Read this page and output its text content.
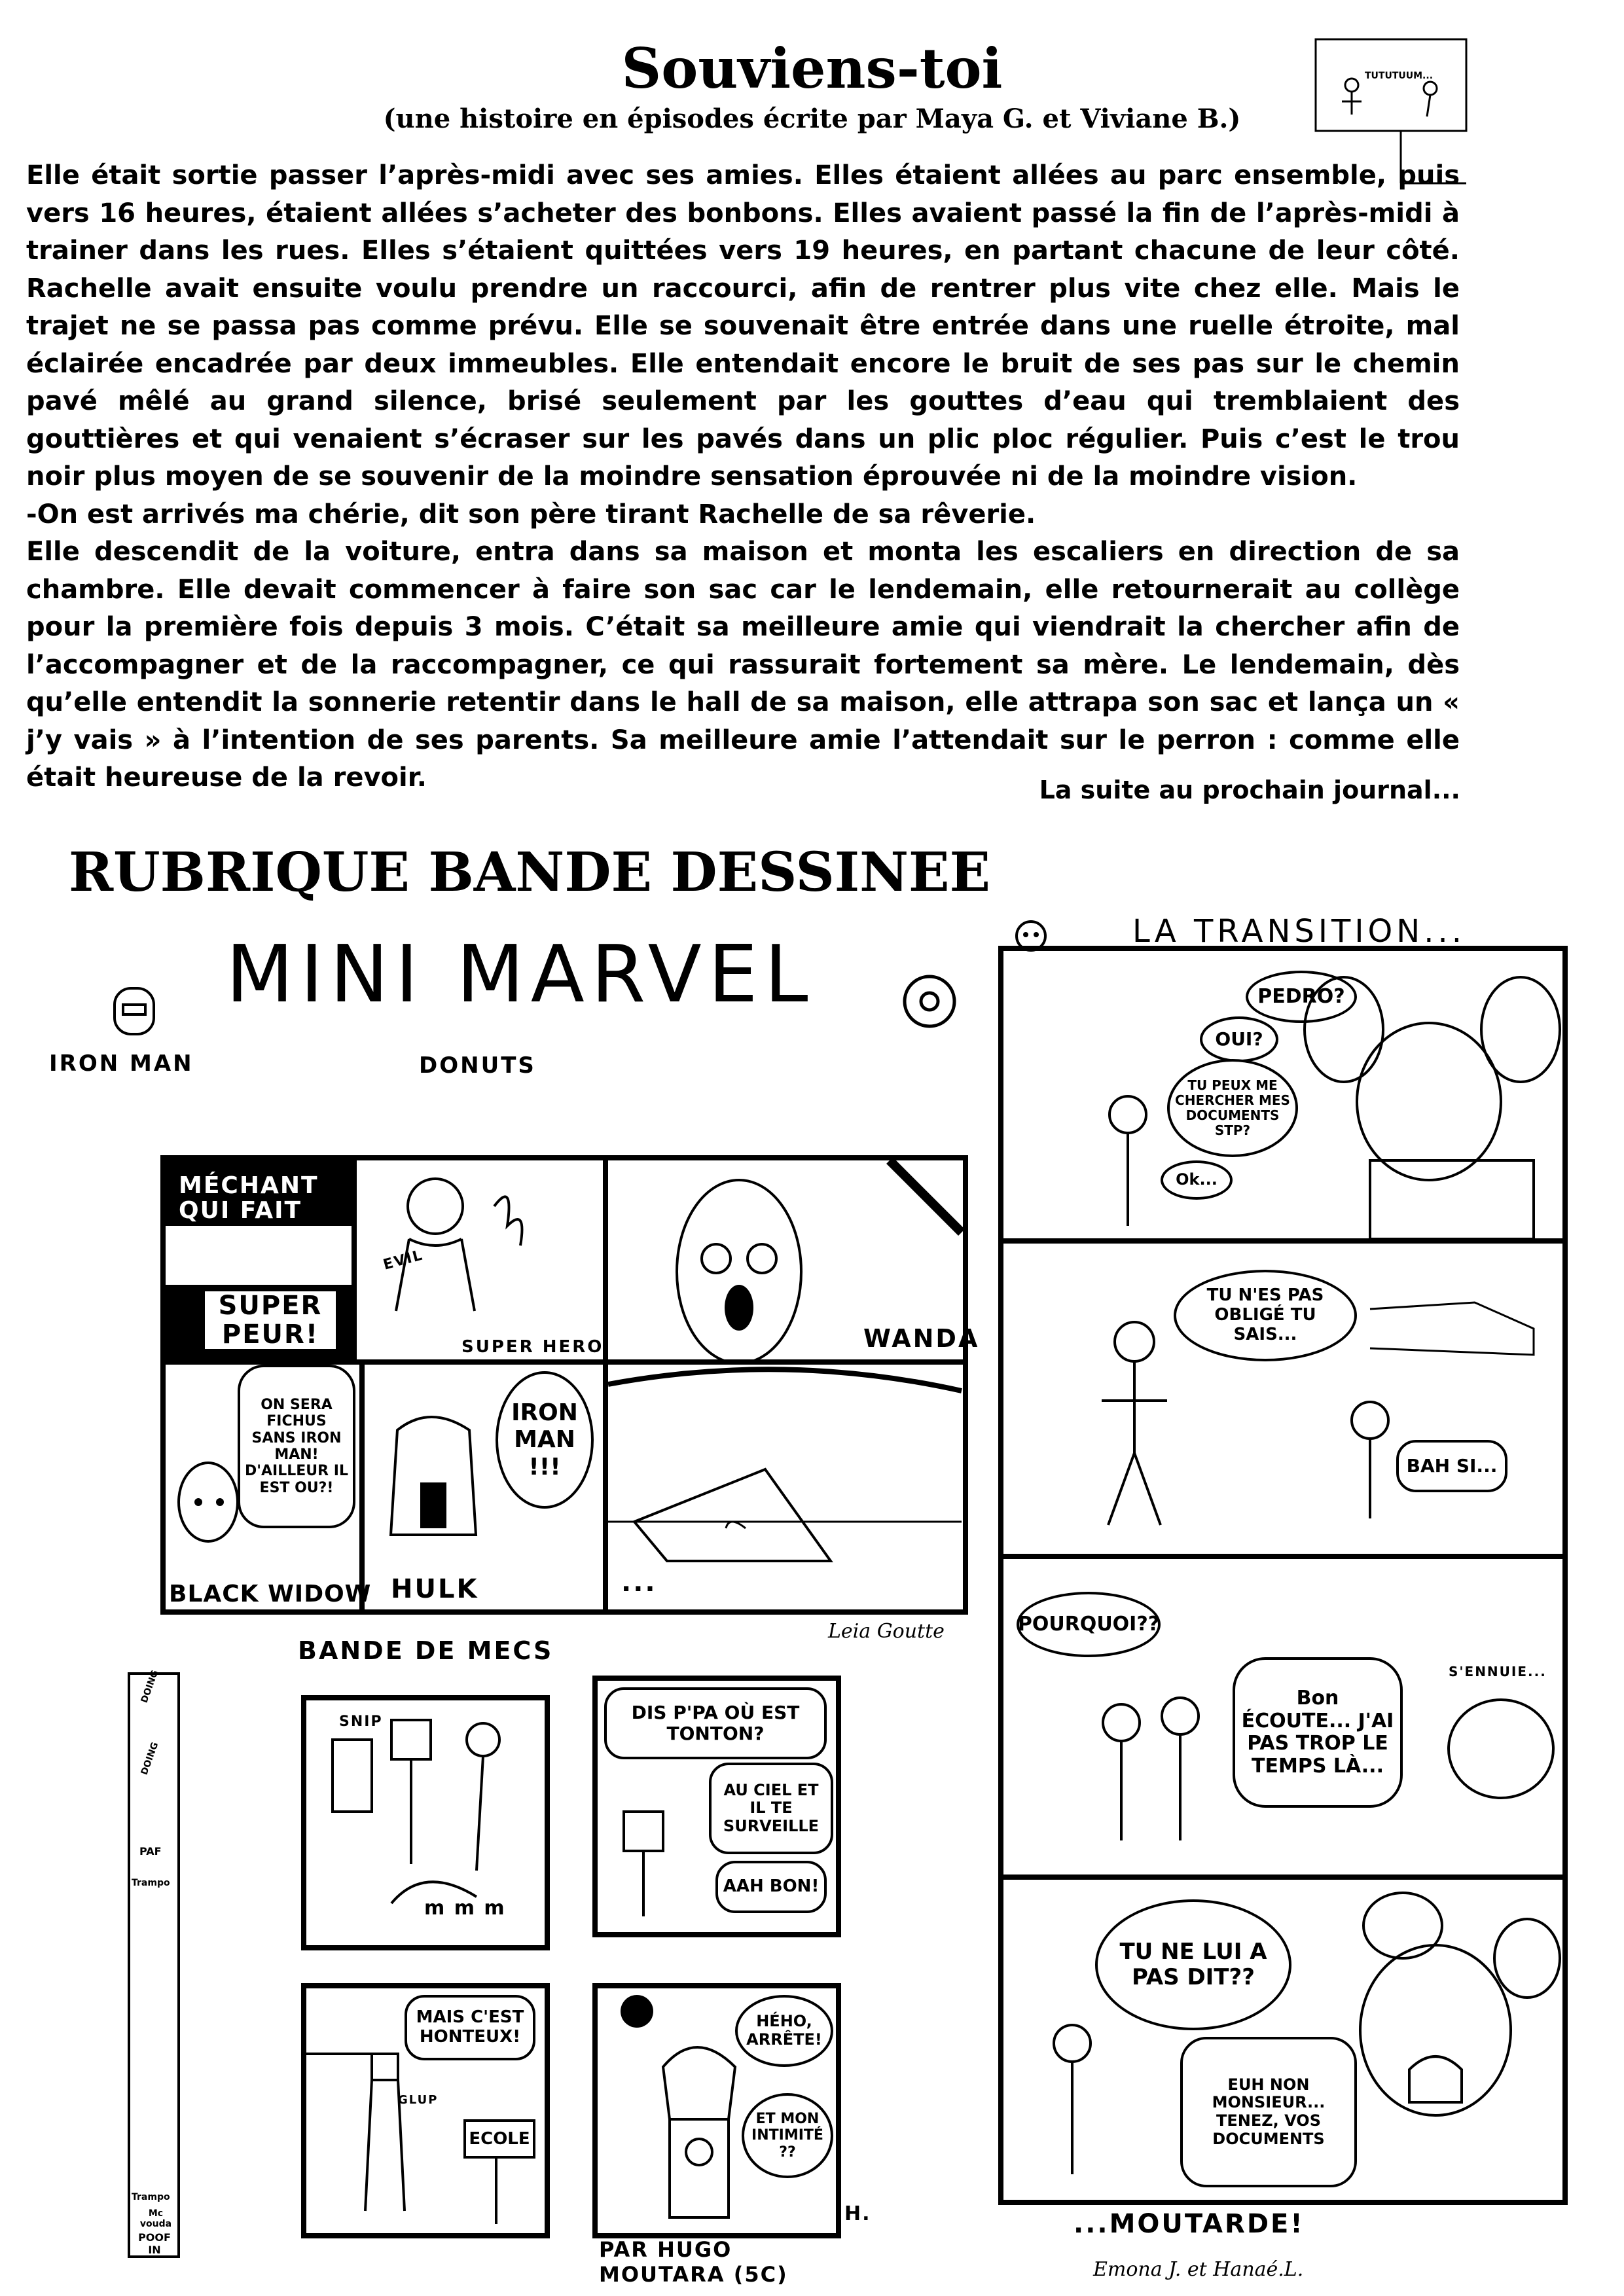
Souviens-toi
(une histoire en épisodes écrite par Maya G. et Viviane B.)
TUTUTUUM...

Elle était sortie passer l’après-midi avec ses amies. Elles étaient allées au parc ensemble, puis vers 16 heures, étaient allées s’acheter des bonbons. Elles avaient passé la fin de l’après-midi à trainer dans les rues. Elles s’étaient quittées vers 19 heures, en partant chacune de leur côté. Rachelle avait ensuite voulu prendre un raccourci, afin de rentrer plus vite chez elle. Mais le trajet ne se passa pas comme prévu. Elle se souvenait être entrée dans une ruelle étroite, mal éclairée encadrée par deux immeubles. Elle entendait encore le bruit de ses pas sur le chemin pavé mêlé au grand silence, brisé seulement par les gouttes d’eau qui tremblaient des gouttières et qui venaient s’écraser sur les pavés dans un plic ploc régulier. Puis c’est le trou noir plus moyen de se souvenir de la moindre sensation éprouvée ni de la moindre vision.

-On est arrivés ma chérie, dit son père tirant Rachelle de sa rêverie.

Elle descendit de la voiture, entra dans sa maison et monta les escaliers en direction de sa chambre. Elle devait commencer à faire son sac car le lendemain, elle retournerait au collège pour la première fois depuis 3 mois. C’était sa meilleure amie qui viendrait la chercher afin de l’accompagner et de la raccompagner, ce qui rassurait fortement sa mère. Le lendemain, dès qu’elle entendit la sonnerie retentir dans le hall de sa maison, elle attrapa son sac et lança un « j’y vais » à l’intention de ses parents. Sa meilleure amie l’attendait sur le perron : comme elle était heureuse de la revoir.	La suite au prochain journal...
RUBRIQUE BANDE DESSINEE
MINI MARVEL
IRON MAN	DONUTS
MÉCHANT QUI FAIT
SUPER PEUR!
EVIL
SUPER HERO	WANDA
ON SERA FICHUS SANS IRON MAN! D'AILLEUR IL EST OU?!
BLACK WIDOW
IRON MAN !!!
HULK	...
Leia Goutte
DOING
DOING
PAF
Trampo
Trampo
Mc vouda
POOF IN
BANDE DE MECS
SNIP
m m m
DIS P'PA OÙ EST TONTON?
AU CIEL ET IL TE SURVEILLE
AAH BON!
MAIS C'EST HONTEUX!
GLUP
ECOLE
HÉHO, ARRÊTE!
ET MON INTIMITÉ ??
H.
PAR HUGO MOUTARA (5C)
LA TRANSITION...
PEDRO?
OUI?
TU PEUX ME CHERCHER MES DOCUMENTS STP?
Ok...
TU N'ES PAS OBLIGÉ TU SAIS...
BAH SI...
POURQUOI??
Bon ÉCOUTE... J'AI PAS TROP LE TEMPS LÀ...
S'ENNUIE...
TU NE LUI A PAS DIT??
EUH NON MONSIEUR... TENEZ, VOS DOCUMENTS
...MOUTARDE!
Emona J. et Hanaé.L.
